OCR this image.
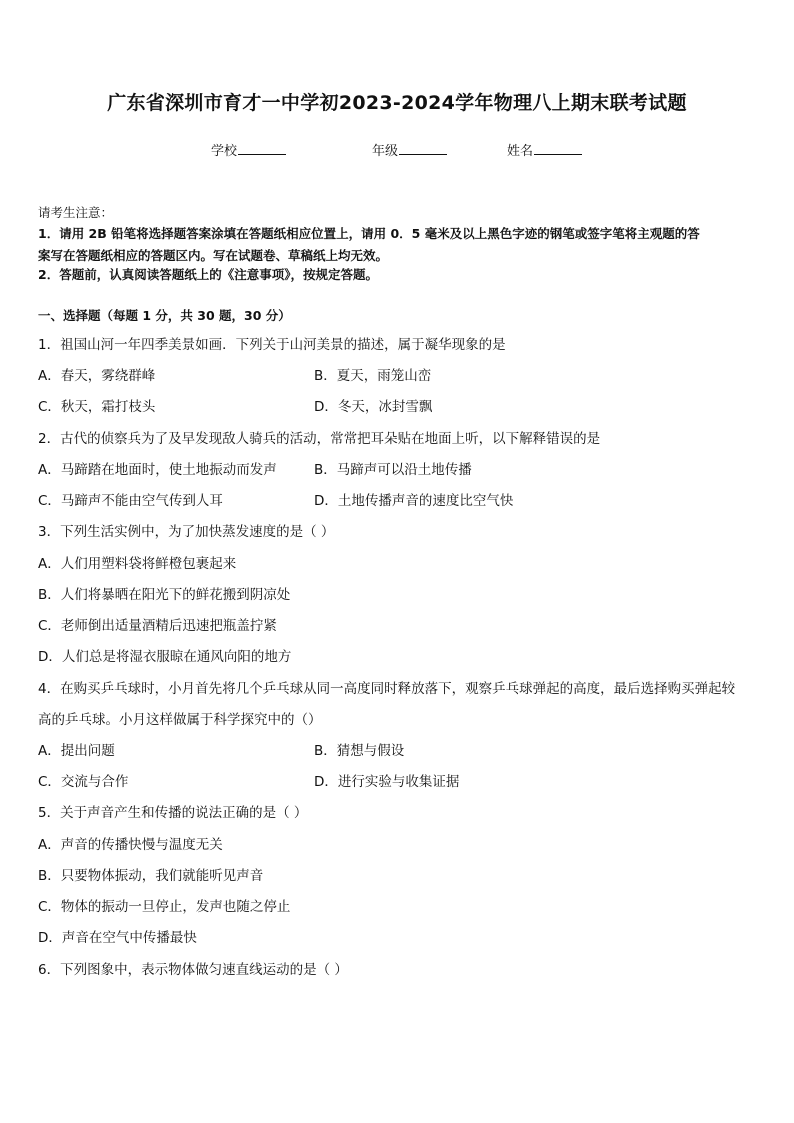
广东省深圳市育才一中学初2023-2024学年物理八上期末联考试题
学校	年级	姓名
请考生注意：
1．请用 2B 铅笔将选择题答案涂填在答题纸相应位置上，请用 0．5 毫米及以上黑色字迹的钢笔或签字笔将主观题的答
案写在答题纸相应的答题区内。写在试题卷、草稿纸上均无效。
2．答题前，认真阅读答题纸上的《注意事项》，按规定答题。
一、选择题（每题 1 分，共 30 题，30 分）
1．祖国山河一年四季美景如画．下列关于山河美景的描述，属于凝华现象的是
A．春天，雾绕群峰	B．夏天，雨笼山峦
C．秋天，霜打枝头	D．冬天，冰封雪飘
2．古代的侦察兵为了及早发现敌人骑兵的活动，常常把耳朵贴在地面上听，以下解释错误的是
A．马蹄踏在地面时，使土地振动而发声	B．马蹄声可以沿土地传播
C．马蹄声不能由空气传到人耳	D．土地传播声音的速度比空气快
3．下列生活实例中，为了加快蒸发速度的是（ ）
A．人们用塑料袋将鲜橙包裹起来
B．人们将暴晒在阳光下的鲜花搬到阴凉处
C．老师倒出适量酒精后迅速把瓶盖拧紧
D．人们总是将湿衣服晾在通风向阳的地方
4．在购买乒乓球时，小月首先将几个乒乓球从同一高度同时释放落下，观察乒乓球弹起的高度，最后选择购买弹起较
高的乒乓球。小月这样做属于科学探究中的（）
A．提出问题	B．猜想与假设
C．交流与合作	D．进行实验与收集证据
5．关于声音产生和传播的说法正确的是（ ）
A．声音的传播快慢与温度无关
B．只要物体振动，我们就能听见声音
C．物体的振动一旦停止，发声也随之停止
D．声音在空气中传播最快
6．下列图象中，表示物体做匀速直线运动的是（ ）
